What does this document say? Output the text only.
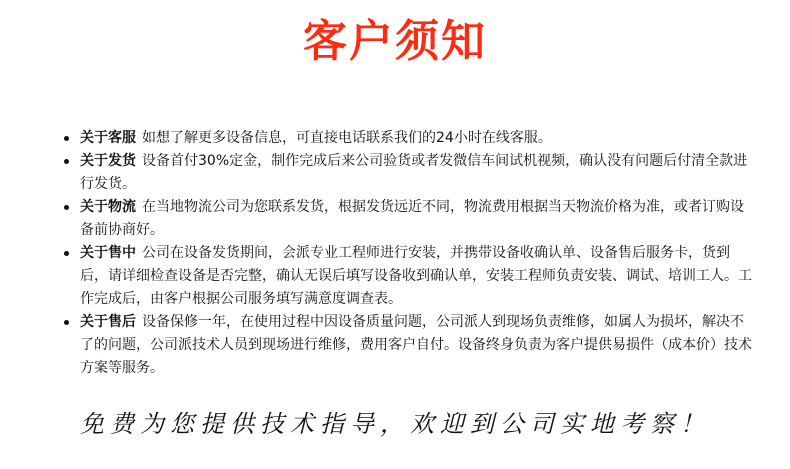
客户须知
关于客服 如想了解更多设备信息，可直接电话联系我们的24小时在线客服。
关于发货 设备首付30%定金，制作完成后来公司验货或者发微信车间试机视频，确认没有问题后付清全款进行发货。
关于物流 在当地物流公司为您联系发货，根据发货远近不同，物流费用根据当天物流价格为准，或者订购设备前协商好。
关于售中 公司在设备发货期间，会派专业工程师进行安装，并携带设备收确认单、设备售后服务卡，货到后，请详细检查设备是否完整，确认无误后填写设备收到确认单，安装工程师负责安装、调试、培训工人。工作完成后，由客户根据公司服务填写满意度调查表。
关于售后 设备保修一年，在使用过程中因设备质量问题，公司派人到现场负责维修，如属人为损坏，解决不了的问题，公司派技术人员到现场进行维修，费用客户自付。设备终身负责为客户提供易损件（成本价）技术方案等服务。
免费为您提供技术指导，欢迎到公司实地考察！
